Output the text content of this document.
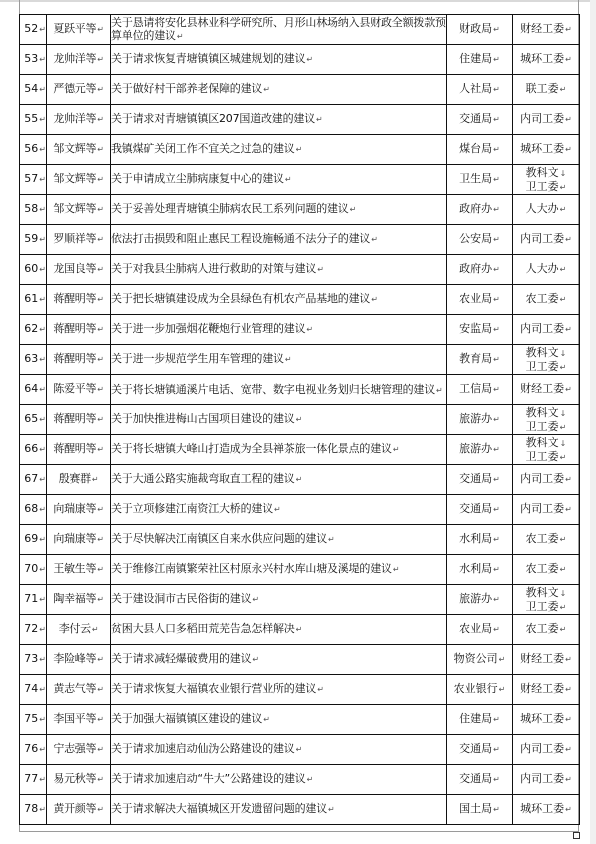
52↵	夏跃平等↵	关于恳请将安化县林业科学研究所、月形山林场纳入县财政全额拨款预算单位的建议↵	财政局↵	财经工委↵
53↵	龙帅洋等↵	关于请求恢复青塘镇镇区城建规划的建议↵	住建局↵	城环工委↵
54↵	严德元等↵	关于做好村干部养老保障的建议↵	人社局↵	联工委↵
55↵	龙帅洋等↵	关于请求对青塘镇镇区207国道改建的建议↵	交通局↵	内司工委↵
56↵	邹文辉等↵	我镇煤矿关闭工作不宜关之过急的建议↵	煤台局↵	城环工委↵
57↵	邹文辉等↵	关于申请成立尘肺病康复中心的建议↵	卫生局↵	教科文↓
卫工委↵
58↵	邹文辉等↵	关于妥善处理青塘镇尘肺病农民工系列问题的建议↵	政府办↵	人大办↵
59↵	罗顺祥等↵	依法打击损毁和阻止惠民工程设施畅通不法分子的建议↵	公安局↵	内司工委↵
60↵	龙国良等↵	关于对我县尘肺病人进行救助的对策与建议↵	政府办↵	人大办↵
61↵	蒋醒明等↵	关于把长塘镇建设成为全县绿色有机农产品基地的建议↵	农业局↵	农工委↵
62↵	蒋醒明等↵	关于进一步加强烟花鞭炮行业管理的建议↵	安监局↵	内司工委↵
63↵	蒋醒明等↵	关于进一步规范学生用车管理的建议↵	教育局↵	教科文↓
卫工委↵
64↵	陈爱平等↵	关于将长塘镇通溪片电话、宽带、数字电视业务划归长塘管理的建议↵	工信局↵	财经工委↵
65↵	蒋醒明等↵	关于加快推进梅山古国项目建设的建议↵	旅游办↵	教科文↓
卫工委↵
66↵	蒋醒明等↵	关于将长塘镇大峰山打造成为全县禅茶旅一体化景点的建议↵	旅游办↵	教科文↓
卫工委↵
67↵	殷赛群↵	关于大通公路实施裁弯取直工程的建议↵	交通局↵	内司工委↵
68↵	向瑞康等↵	关于立项修建江南资江大桥的建议↵	交通局↵	内司工委↵
69↵	向瑞康等↵	关于尽快解决江南镇区自来水供应问题的建议↵	水利局↵	农工委↵
70↵	王敏生等↵	关于维修江南镇繁荣社区村原永兴村水库山塘及溪堤的建议↵	水利局↵	农工委↵
71↵	陶幸福等↵	关于建设洞市古民俗街的建议↵	旅游办↵	教科文↓
卫工委↵
72↵	李付云↵	贫困大县人口多稻田荒芜告急怎样解决↵	农业局↵	农工委↵
73↵	李险峰等↵	关于请求减轻爆破费用的建议↵	物资公司↵	财经工委↵
74↵	黄志气等↵	关于请求恢复大福镇农业银行营业所的建议↵	农业银行↵	财经工委↵
75↵	李国平等↵	关于加强大福镇镇区建设的建议↵	住建局↵	城环工委↵
76↵	宁志强等↵	关于请求加速启动仙沩公路建设的建议↵	交通局↵	内司工委↵
77↵	易元秋等↵	关于请求加速启动“牛大”公路建设的建议↵	交通局↵	内司工委↵
78↵	黄开颜等↵	关于请求解决大福镇城区开发遗留问题的建议↵	国土局↵	城环工委↵
